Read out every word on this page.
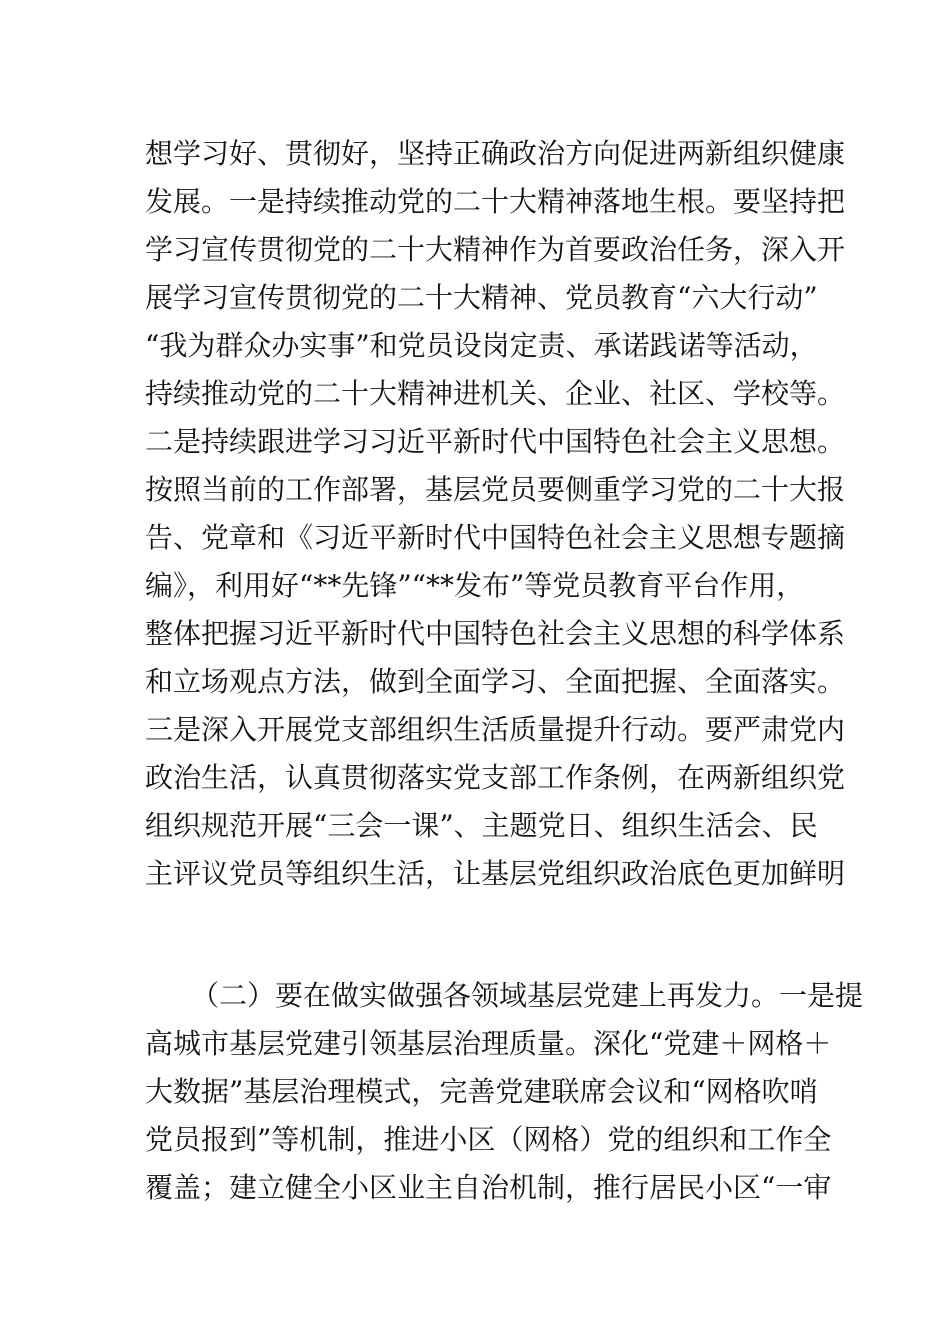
想学习好、贯彻好，坚持正确政治方向促进两新组织健康
发展。一是持续推动党的二十大精神落地生根。要坚持把
学习宣传贯彻党的二十大精神作为首要政治任务，深入开
展学习宣传贯彻党的二十大精神、党员教育“六大行动”
“我为群众办实事”和党员设岗定责、承诺践诺等活动，
持续推动党的二十大精神进机关、企业、社区、学校等。
二是持续跟进学习习近平新时代中国特色社会主义思想。
按照当前的工作部署，基层党员要侧重学习党的二十大报
告、党章和《习近平新时代中国特色社会主义思想专题摘
编》，利用好“**先锋”“**发布”等党员教育平台作用，
整体把握习近平新时代中国特色社会主义思想的科学体系
和立场观点方法，做到全面学习、全面把握、全面落实。
三是深入开展党支部组织生活质量提升行动。要严肃党内
政治生活，认真贯彻落实党支部工作条例，在两新组织党
组织规范开展“三会一课”、主题党日、组织生活会、民
主评议党员等组织生活，让基层党组织政治底色更加鲜明
（二）要在做实做强各领域基层党建上再发力。一是提
高城市基层党建引领基层治理质量。深化“党建＋网格＋
大数据”基层治理模式，完善党建联席会议和“网格吹哨
党员报到”等机制，推进小区（网格）党的组织和工作全
覆盖；建立健全小区业主自治机制，推行居民小区“一审
